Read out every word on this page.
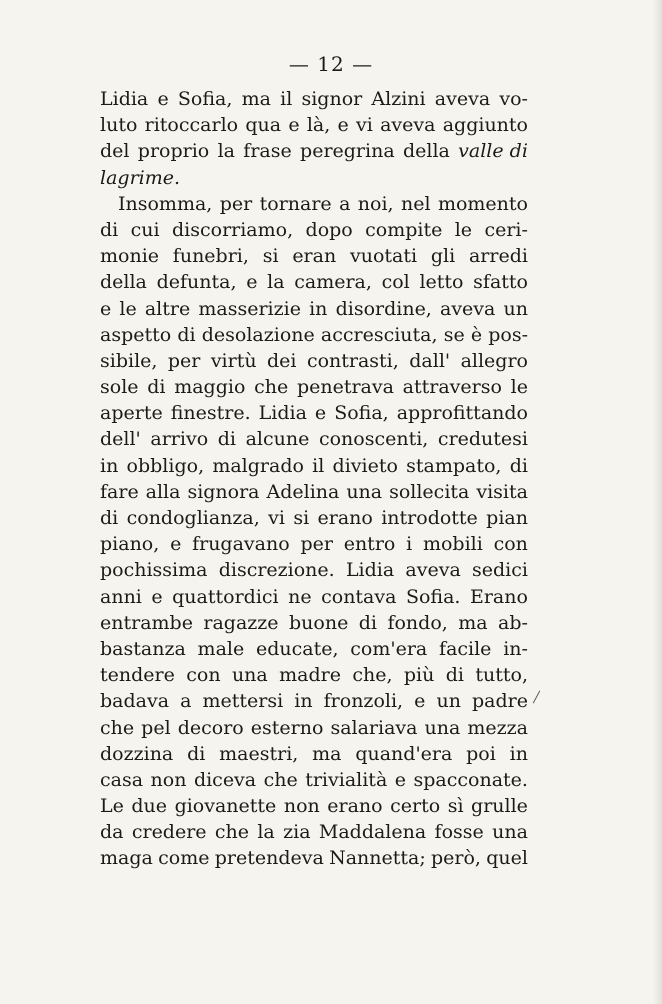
— 12 —
Lidia e Sofia, ma il signor Alzini aveva vo-
luto ritoccarlo qua e là, e vi aveva aggiunto
del proprio la frase peregrina della valle di
lagrime.
Insomma, per tornare a noi, nel momento
di cui discorriamo, dopo compite le ceri-
monie funebri, si eran vuotati gli arredi
della defunta, e la camera, col letto sfatto
e le altre masserizie in disordine, aveva un
aspetto di desolazione accresciuta, se è pos-
sibile, per virtù dei contrasti, dall' allegro
sole di maggio che penetrava attraverso le
aperte finestre. Lidia e Sofia, approfittando
dell' arrivo di alcune conoscenti, credutesi
in obbligo, malgrado il divieto stampato, di
fare alla signora Adelina una sollecita visita
di condoglianza, vi si erano introdotte pian
piano, e frugavano per entro i mobili con
pochissima discrezione. Lidia aveva sedici
anni e quattordici ne contava Sofia. Erano
entrambe ragazze buone di fondo, ma ab-
bastanza male educate, com'era facile in-
tendere con una madre che, più di tutto,
badava a mettersi in fronzoli, e un padre
che pel decoro esterno salariava una mezza
dozzina di maestri, ma quand'era poi in
casa non diceva che trivialità e spacconate.
Le due giovanette non erano certo sì grulle
da credere che la zia Maddalena fosse una
maga come pretendeva Nannetta; però, quel
